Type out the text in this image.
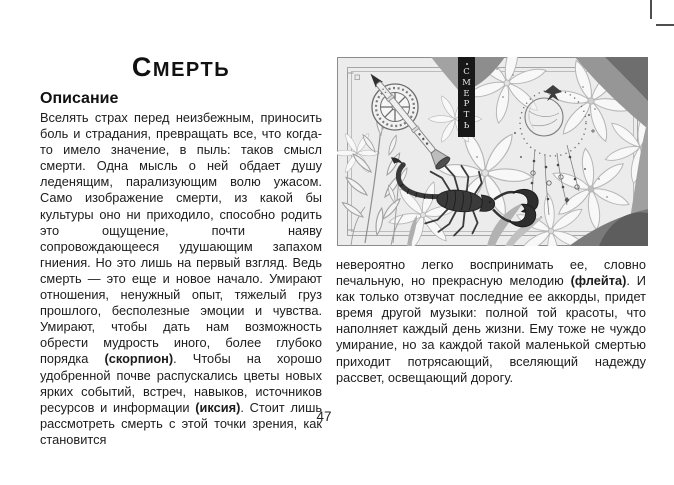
СМЕРТЬ
Описание
Вселять страх перед неизбежным, приносить боль и страдания, превращать все, что когда-то имело значение, в пыль: таков смысл смерти. Одна мысль о ней обдает душу леденящим, парализующим волю ужасом. Само изображение смерти, из какой бы культуры оно ни приходило, способно родить это ощущение, почти наяву сопровождающееся удушающим запахом гниения. Но это лишь на первый взгляд. Ведь смерть — это еще и новое начало. Умирают отношения, ненужный опыт, тяжелый груз прошлого, бесполезные эмоции и чувства. Умирают, чтобы дать нам возможность обрести мудрость иного, более глубоко порядка (скорпион). Чтобы на хорошо удобренной почве распускались цветы новых ярких событий, встреч, навыков, источников ресурсов и информации (иксия). Стоит лишь рассмотреть смерть с этой точки зрения, как становится
С
М
Е
Р
Т
Ь
невероятно легко воспринимать ее, словно печальную, но прекрасную мелодию (флейта). И как только отзвучат последние ее аккорды, придет время другой музыки: полной той красоты, что наполняет каждый день жизни. Ему тоже не чуждо умирание, но за каждой такой маленькой смертью приходит потрясающий, вселяющий надежду рассвет, освещающий дорогу.
47
